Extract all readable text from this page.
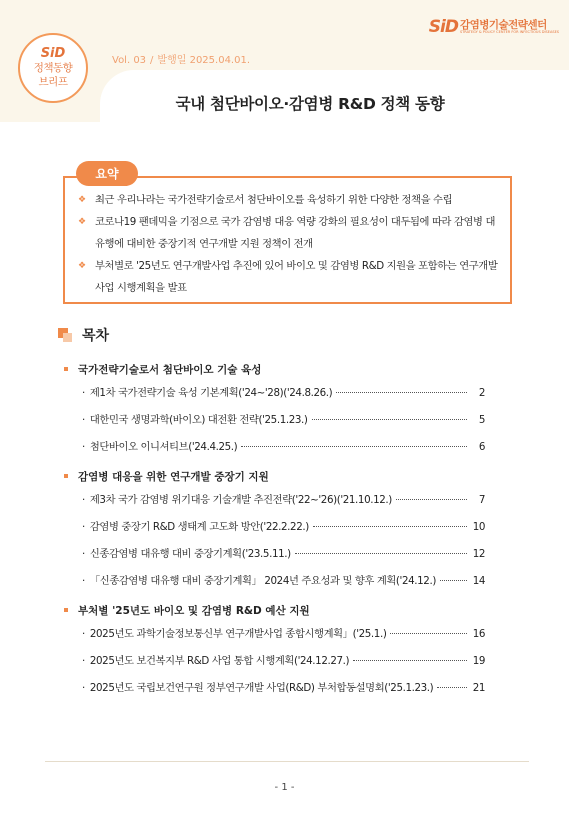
SiD 감염병기술전략센터
STRATEGY & POLICY CENTER FOR INFECTIOUS DISEASES
SiD
정책동향
브리프
Vol. 03 / 발행일 2025.04.01.
국내 첨단바이오·감염병 R&D 정책 동향
❖ 최근 우리나라는 국가전략기술로서 첨단바이오를 육성하기 위한 다양한 정책을 수립
❖ 코로나19 팬데믹을 기점으로 국가 감염병 대응 역량 강화의 필요성이 대두됨에 따라 감염병 대유행에 대비한 중장기적 연구개발 지원 정책이 전개
❖ 부처별로 '25년도 연구개발사업 추진에 있어 바이오 및 감염병 R&D 지원을 포함하는 연구개발사업 시행계획을 발표
요약
목차
국가전략기술로서 첨단바이오 기술 육성
· 제1차 국가전략기술 육성 기본계획('24~'28)('24.8.26.)	2
· 대한민국 생명과학(바이오) 대전환 전략('25.1.23.)	5
· 첨단바이오 이니셔티브('24.4.25.)	6
감염병 대응을 위한 연구개발 중장기 지원
· 제3차 국가 감염병 위기대응 기술개발 추진전략('22~'26)('21.10.12.)	7
· 감염병 중장기 R&D 생태계 고도화 방안('22.2.22.)	10
· 신종감염병 대유행 대비 중장기계획('23.5.11.)	12
· 「신종감염병 대유행 대비 중장기계획」 2024년 주요성과 및 향후 계획('24.12.)	14
부처별 '25년도 바이오 및 감염병 R&D 예산 지원
· 2025년도 과학기술정보통신부 연구개발사업 종합시행계획」('25.1.)	16
· 2025년도 보건복지부 R&D 사업 통합 시행계획('24.12.27.)	19
· 2025년도 국립보건연구원 정부연구개발 사업(R&D) 부처합동설명회('25.1.23.)	21
- 1 -
